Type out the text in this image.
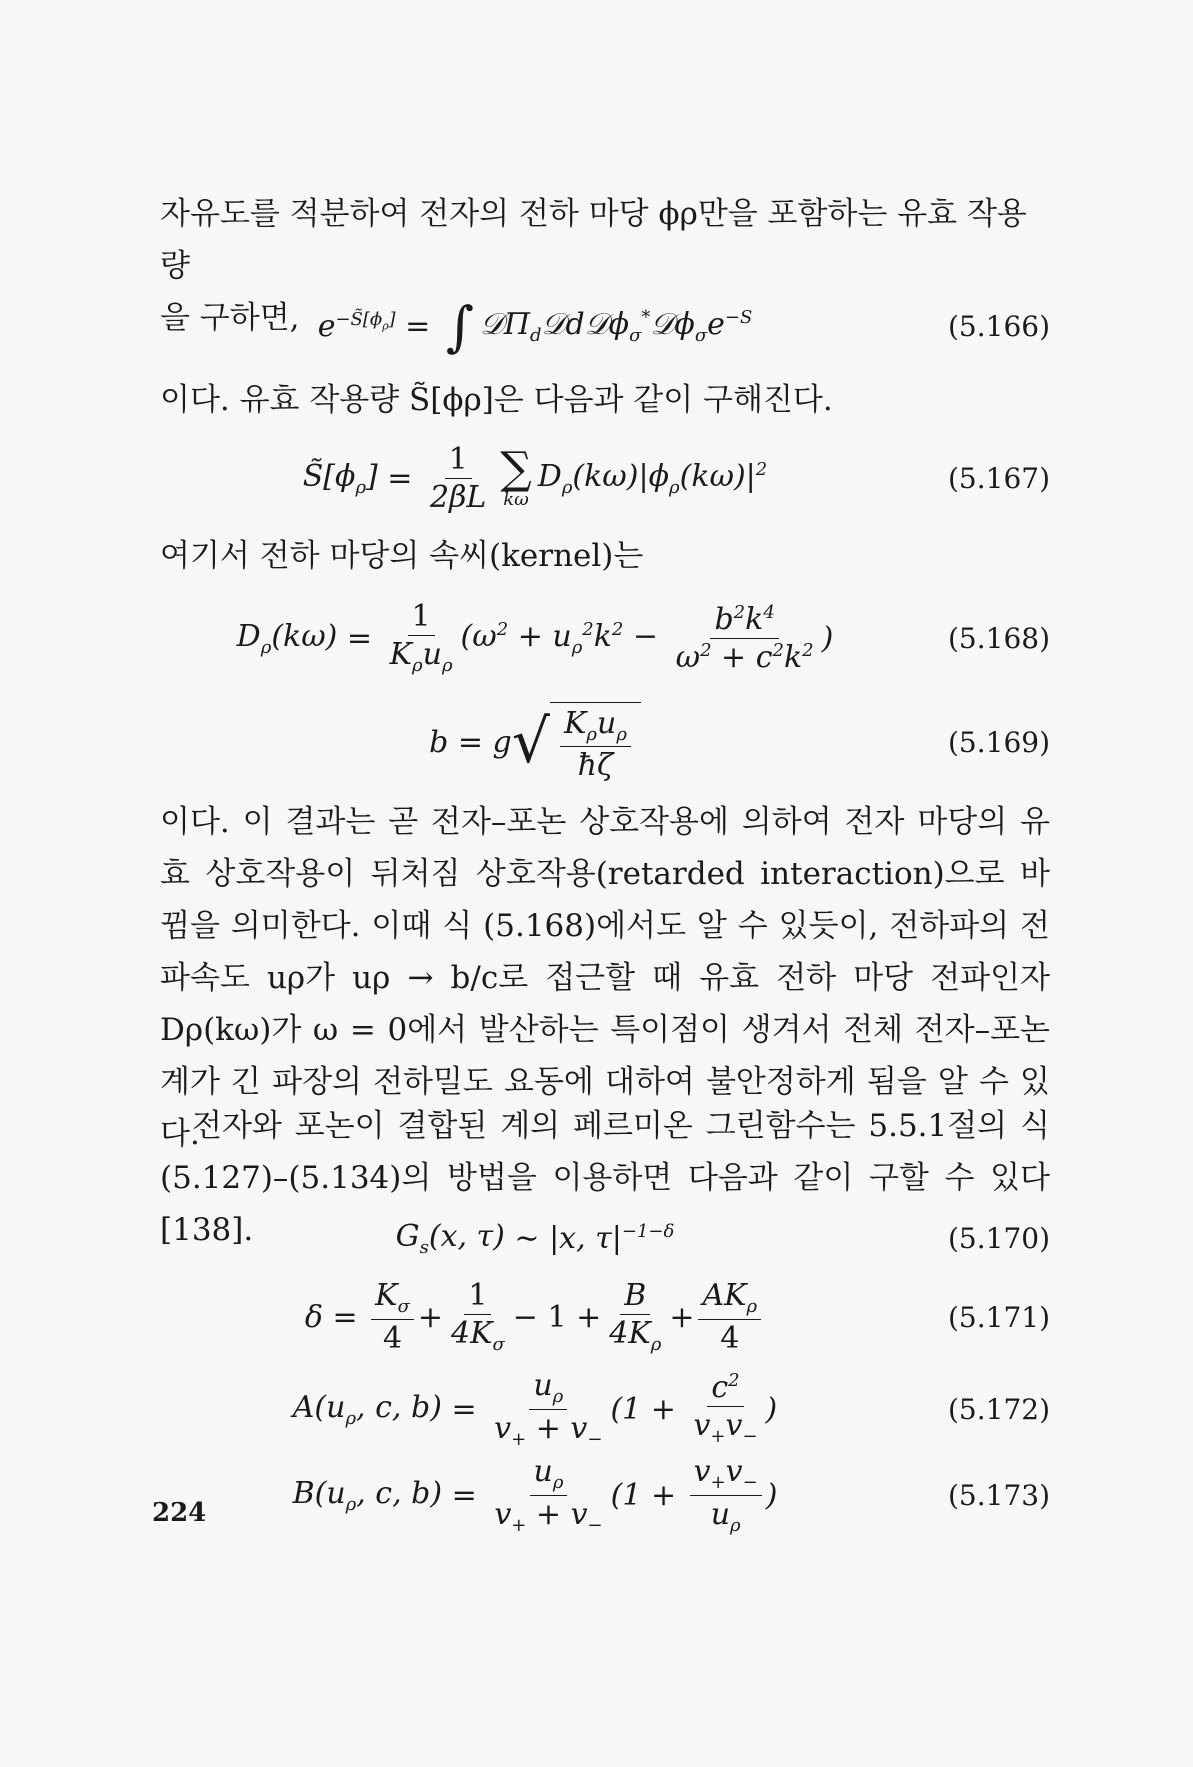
자유도를 적분하여 전자의 전하 마당 ϕρ만을 포함하는 유효 작용량

을 구하면, $e^{-S̃[\phi_\rho]}$ = ∫ $𝒟\Pi_d𝒟d𝒟\phi_\sigma^*𝒟\phi_\sigma e^{-S}$	(5.166)

이다. 유효 작용량 S̃[ϕρ]은 다음과 같이 구해진다.

$S̃[\phi_\rho] = \frac{1}{2\beta L}$ ∑
kω
$D_\rho(k\omega)|\phi_\rho(k\omega)|^2$	(5.167)

여기서 전하 마당의 속씨(kernel)는

$D_\rho(k\omega) = \frac{1}{K_\rho u_\rho} (\omega^2 + u_\rho^2k^2 - \frac{b^2k^4}{\omega^2 + c^2k^2}$ )	(5.168)
b = g √ $\frac{K_\rho u_\rho}{ħ\zeta}$	(5.169)

이다. 이 결과는 곧 전자–포논 상호작용에 의하여 전자 마당의 유효 상호작용이 뒤처짐 상호작용(retarded interaction)으로 바뀜을 의미한다. 이때 식 (5.168)에서도 알 수 있듯이, 전하파의 전파속도 uρ가 uρ → b/c로 접근할 때 유효 전하 마당 전파인자 Dρ(kω)가 ω = 0에서 발산하는 특이점이 생겨서 전체 전자–포논계가 긴 파장의 전하밀도 요동에 대하여 불안정하게 됨을 알 수 있다.

전자와 포논이 결합된 계의 페르미온 그린함수는 5.5.1절의 식 (5.127)–(5.134)의 방법을 이용하면 다음과 같이 구할 수 있다[138].	$G_s(x$, τ) ∼ |x, $\tau|^{-1-\delta}$	(5.170)
$\delta = \frac{K_\sigma}{4} + \frac{1}{4K_\sigma} - 1 + \frac{B}{4K_\rho} + \frac{AK_\rho}{4}$	(5.171)
$A(u_\rho$, c, $b) = \frac{u_\rho}{v_+ + v_-} (1 + \frac{c^2}{v_+v_-}$ )	(5.172)
$B(u_\rho$, c, $b) = \frac{u_\rho}{v_+ + v_-} (1 + \frac{v_+v_-}{u_\rho}$ )	(5.173)
224
